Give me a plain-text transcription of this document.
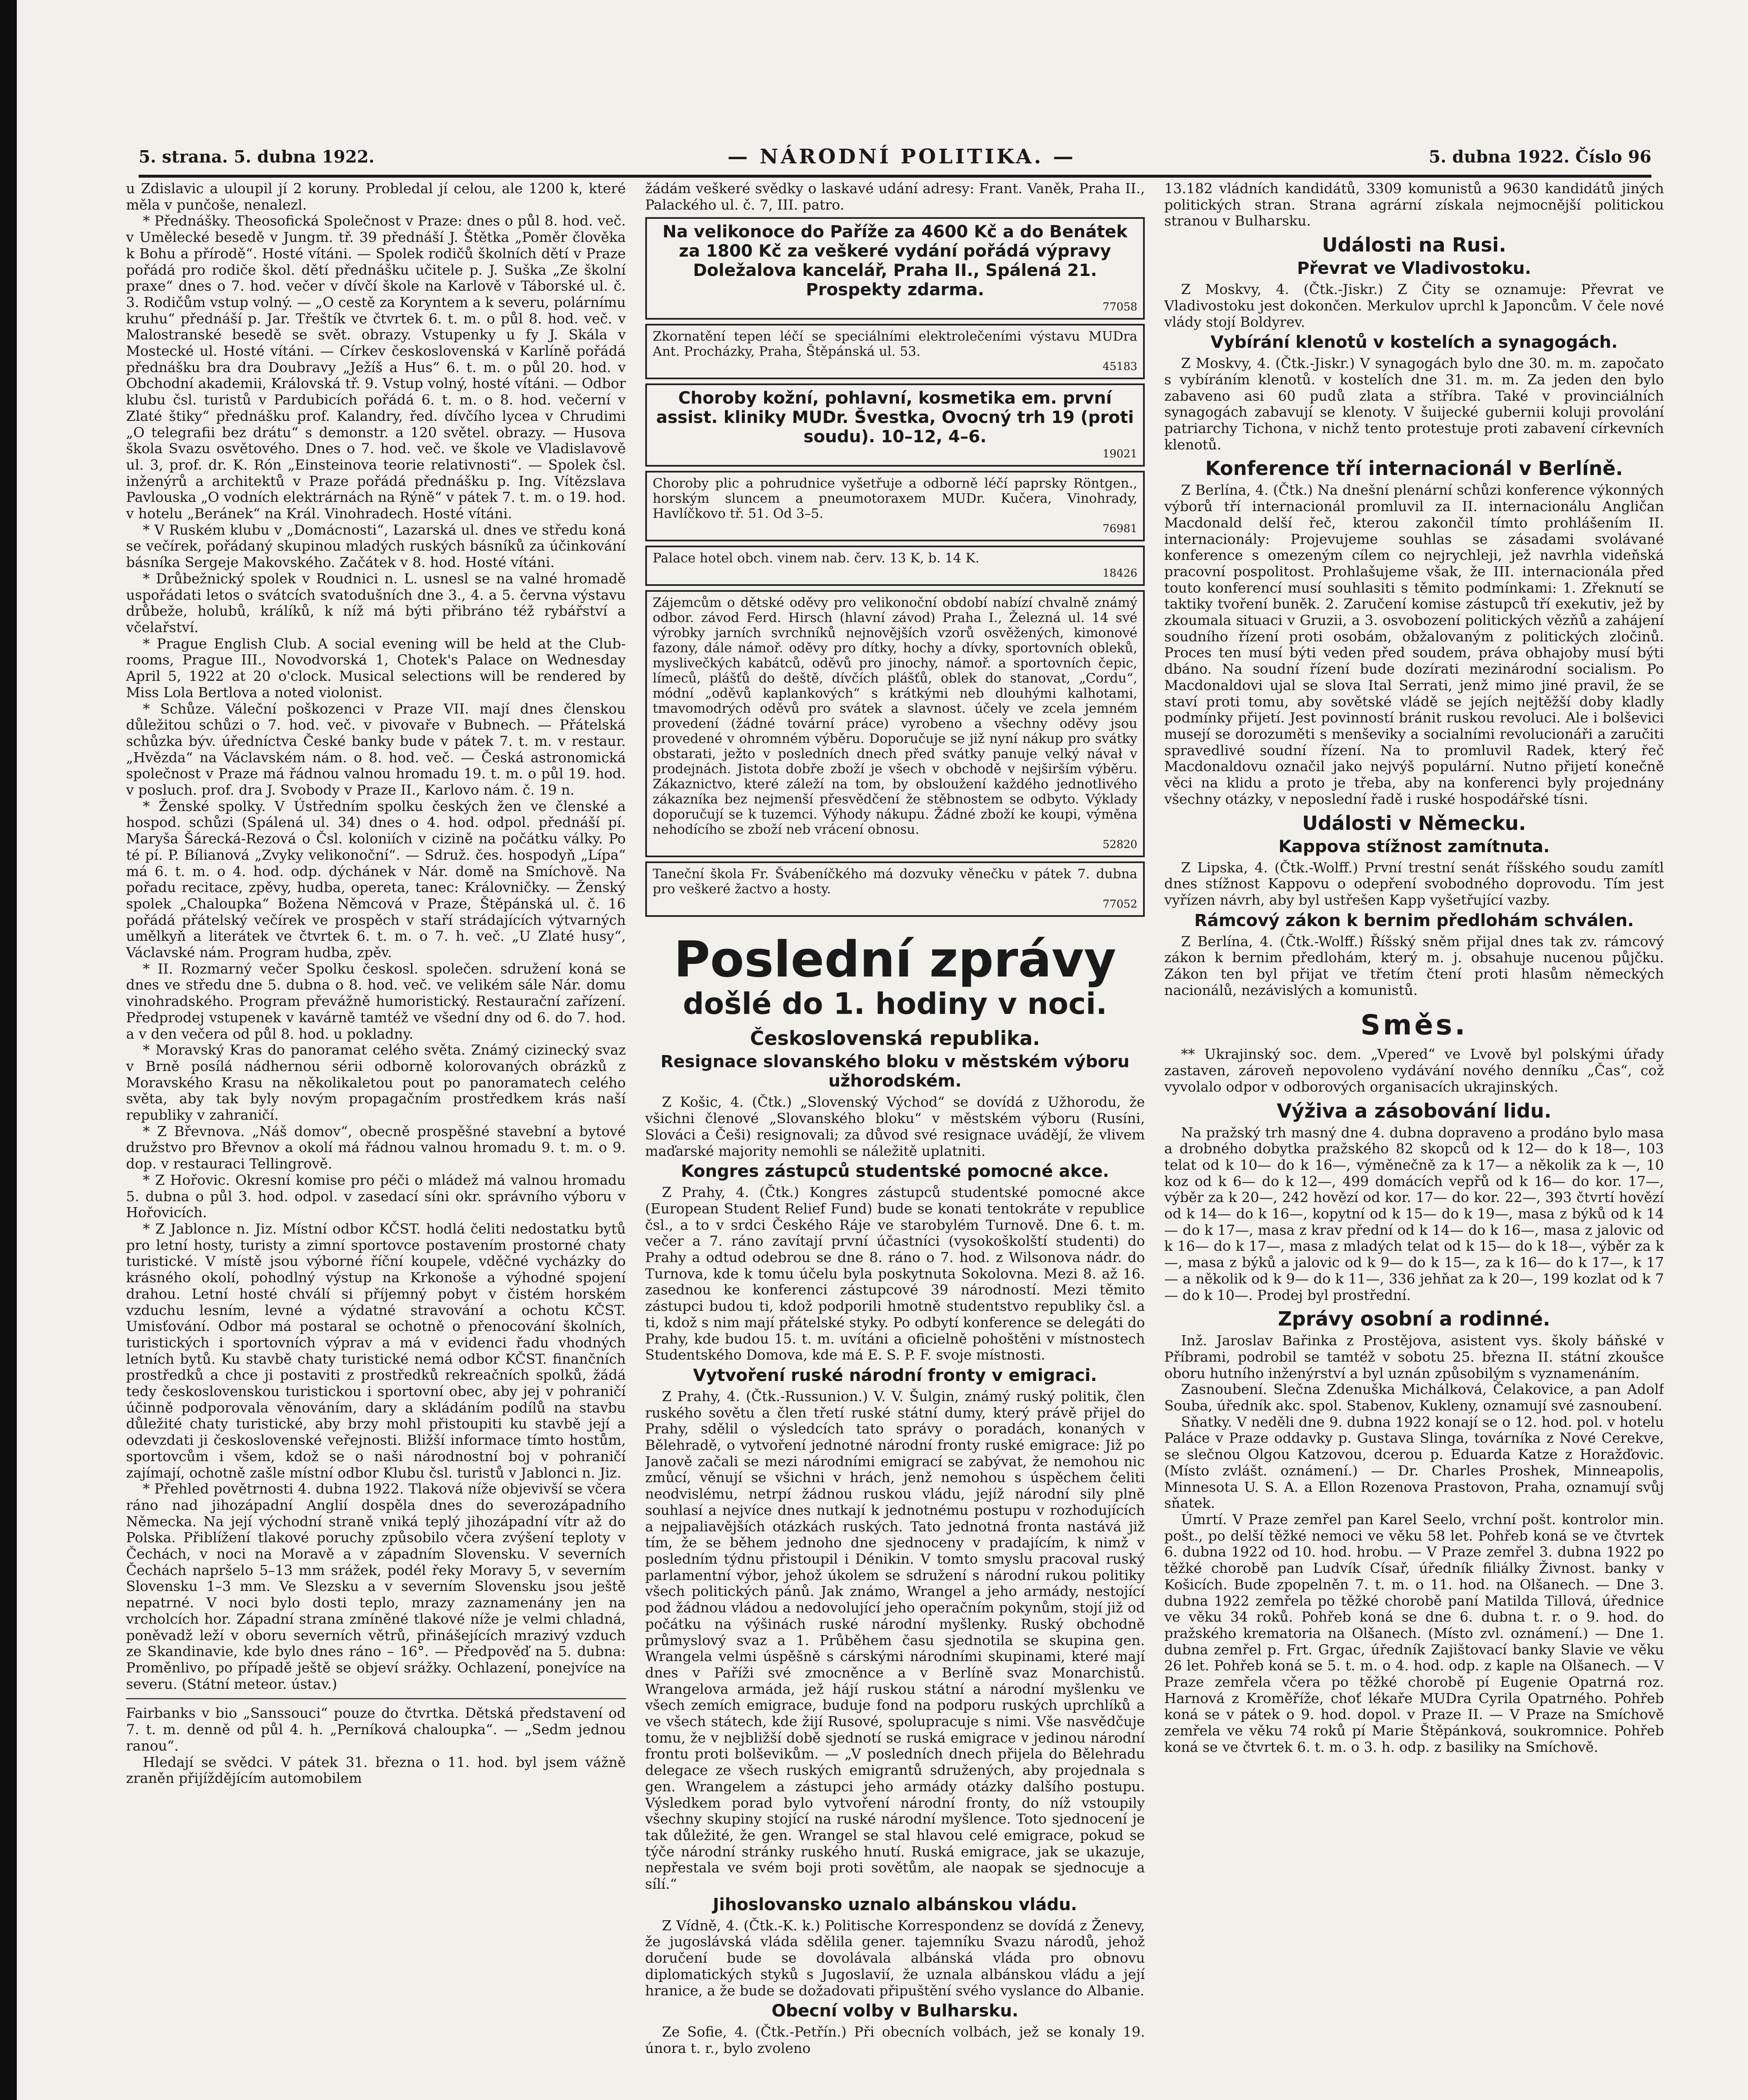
5. strana. 5. dubna 1922.	— NÁRODNÍ POLITIKA. —	5. dubna 1922. Číslo 96

u Zdislavic a uloupil jí 2 koruny. Probledal jí celou, ale 1200 k, které měla v punčoše, nenalezl.

* Přednášky. Theosofická Společnost v Praze: dnes o půl 8. hod. več. v Umělecké besedě v Jungm. tř. 39 přednáší J. Štětka „Poměr člověka k Bohu a přírodě“. Hosté vítáni. — Spolek rodičů školních dětí v Praze pořádá pro rodiče škol. dětí přednášku učitele p. J. Suška „Ze školní praxe“ dnes o 7. hod. večer v dívčí škole na Karlově v Táborské ul. č. 3. Rodičům vstup volný. — „O cestě za Koryntem a k severu, polárnímu kruhu“ přednáší p. Jar. Třeštík ve čtvrtek 6. t. m. o půl 8. hod. več. v Malostranské besedě se svět. obrazy. Vstupenky u fy J. Skála v Mostecké ul. Hosté vítáni. — Církev československá v Karlíně pořádá přednášku bra dra Doubravy „Ježíš a Hus“ 6. t. m. o půl 20. hod. v Obchodní akademii, Královská tř. 9. Vstup volný, hosté vítáni. — Odbor klubu čsl. turistů v Pardubicích pořádá 6. t. m. o 8. hod. večerní v Zlaté štiky“ přednášku prof. Kalandry, řed. dívčího lycea v Chrudimi „O telegrafii bez drátu“ s demonstr. a 120 světel. obrazy. — Husova škola Svazu osvětového. Dnes o 7. hod. več. ve škole ve Vladislavově ul. 3, prof. dr. K. Rón „Einsteinova teorie relativnosti“. — Spolek čsl. inženýrů a architektů v Praze pořádá přednášku p. Ing. Vítězslava Pavlouska „O vodních elektrárnách na Rýně“ v pátek 7. t. m. o 19. hod. v hotelu „Beránek“ na Král. Vinohradech. Hosté vítáni.

* V Ruském klubu v „Domácnosti“, Lazarská ul. dnes ve středu koná se večírek, pořádaný skupinou mladých ruských básníků za účinkování básníka Sergeje Makovského. Začátek v 8. hod. Hosté vítáni.

* Drůbežnický spolek v Roudnici n. L. usnesl se na valné hromadě uspořádati letos o svátcích svatodušních dne 3., 4. a 5. června výstavu drůbeže, holubů, králíků, k níž má býti přibráno též rybářství a včelařství.

* Prague English Club. A social evening will be held at the Club-rooms, Prague III., Novodvorská 1, Chotek's Palace on Wednesday April 5, 1922 at 20 o'clock. Musical selections will be rendered by Miss Lola Bertlova a noted violonist.

* Schůze. Váleční poškozenci v Praze VII. mají dnes členskou důležitou schůzi o 7. hod. več. v pivovaře v Bubnech. — Přátelská schůzka býv. úředníctva České banky bude v pátek 7. t. m. v restaur. „Hvězda“ na Václavském nám. o 8. hod. več. — Česká astronomická společnost v Praze má řádnou valnou hromadu 19. t. m. o půl 19. hod. v posluch. prof. dra J. Svobody v Praze II., Karlovo nám. č. 19 n.

* Ženské spolky. V Ústředním spolku českých žen ve členské a hospod. schůzi (Spálená ul. 34) dnes o 4. hod. odpol. přednáší pí. Maryša Šárecká-Rezová o Čsl. koloniích v cizině na počátku války. Po té pí. P. Bílianová „Zvyky velikonoční“. — Sdruž. čes. hospodyň „Lípa“ má 6. t. m. o 4. hod. odp. dýchánek v Nár. domě na Smíchově. Na pořadu recitace, zpěvy, hudba, opereta, tanec: Královničky. — Ženský spolek „Chaloupka“ Božena Němcová v Praze, Štěpánská ul. č. 16 pořádá přátelský večírek ve prospěch v staří strádajících výtvarných umělkyň a literátek ve čtvrtek 6. t. m. o 7. h. več. „U Zlaté husy“, Václavské nám. Program hudba, zpěv.

* II. Rozmarný večer Spolku českosl. společen. sdružení koná se dnes ve středu dne 5. dubna o 8. hod. več. ve velikém sále Nár. domu vinohradského. Program převážně humoristický. Restaurační zařízení. Předprodej vstupenek v kavárně tamtéž ve všední dny od 6. do 7. hod. a v den večera od půl 8. hod. u pokladny.

* Moravský Kras do panoramat celého světa. Známý cizinecký svaz v Brně posílá nádhernou sérii odborně kolorovaných obrázků z Moravského Krasu na několikaletou pout po panoramatech celého světa, aby tak byly novým propagačním prostředkem krás naší republiky v zahraničí.

* Z Břevnova. „Náš domov“, obecně prospěšné stavební a bytové družstvo pro Břevnov a okolí má řádnou valnou hromadu 9. t. m. o 9. dop. v restauraci Tellingrově.

* Z Hořovic. Okresní komise pro péči o mládež má valnou hromadu 5. dubna o půl 3. hod. odpol. v zasedací síni okr. správního výboru v Hořovicích.

* Z Jablonce n. Jiz. Místní odbor KČST. hodlá čeliti nedostatku bytů pro letní hosty, turisty a zimní sportovce postavením prostorné chaty turistické. V místě jsou výborné říční koupele, vděčné vycházky do krásného okolí, pohodlný výstup na Krkonoše a výhodné spojení drahou. Letní hosté chválí si příjemný pobyt v čistém horském vzduchu lesním, levné a výdatné stravování a ochotu KČST. Umisťování. Odbor má postaral se ochotně o přenocování školních, turistických i sportovních výprav a má v evidenci řadu vhodných letních bytů. Ku stavbě chaty turistické nemá odbor KČST. finančních prostředků a chce ji postaviti z prostředků rekreačních spolků, žádá tedy československou turistickou i sportovní obec, aby jej v pohraničí účinně podporovala věnováním, dary a skládáním podílů na stavbu důležité chaty turistické, aby brzy mohl přistoupiti ku stavbě její a odevzdati ji československé veřejnosti. Bližší informace tímto hostům, sportovcům i všem, kdož se o naši národnostní boj v pohraničí zajímají, ochotně zašle místní odbor Klubu čsl. turistů v Jablonci n. Jiz.

* Přehled povětrnosti 4. dubna 1922. Tlaková níže objevivší se včera ráno nad jihozápadní Anglií dospěla dnes do severozápadního Německa. Na její východní straně vniká teplý jihozápadní vítr až do Polska. Přiblížení tlakové poruchy způsobilo včera zvýšení teploty v Čechách, v noci na Moravě a v západním Slovensku. V severních Čechách napršelo 5–13 mm srážek, podél řeky Moravy 5, v severním Slovensku 1–3 mm. Ve Slezsku a v severním Slovensku jsou ještě nepatrné. V noci bylo dosti teplo, mrazy zaznamenány jen na vrcholcích hor. Západní strana zmíněné tlakové níže je velmi chladná, poněvadž leží v oboru severních větrů, přinášejících mrazivý vzduch ze Skandinavie, kde bylo dnes ráno – 16°. — Předpověď na 5. dubna: Proměnlivo, po případě ještě se objeví srážky. Ochlazení, ponejvíce na severu. (Státní meteor. ústav.)

Fairbanks v bio „Sanssouci“ pouze do čtvrtka. Dětská představení od 7. t. m. denně od půl 4. h. „Perníková chaloupka“. — „Sedm jednou ranou“.

Hledají se svědci. V pátek 31. března o 11. hod. byl jsem vážně zraněn přijíždějícím automobilem

žádám veškeré svědky o laskavé udání adresy: Frant. Vaněk, Praha II., Palackého ul. č. 7, III. patro.

Na velikonoce do Paříže za 4600 Kč a do Benátek za 1800 Kč za veškeré vydání pořádá výpravy Doležalova kancelář, Praha II., Spálená 21. Prospekty zdarma.
77058
Zkornatění tepen léčí se speciálními elektrolečeními výstavu MUDra Ant. Procházky, Praha, Štěpánská ul. 53.
45183
Choroby kožní, pohlavní, kosmetika em. první assist. kliniky MUDr. Švestka, Ovocný trh 19 (proti soudu). 10–12, 4–6.
19021
Choroby plic a pohrudnice vyšetřuje a odborně léčí paprsky Röntgen., horským sluncem a pneumotoraxem MUDr. Kučera, Vinohrady, Havlíčkovo tř. 51. Od 3–5.
76981
Palace hotel obch. vinem nab. červ. 13 K, b. 14 K.
18426
Zájemcům o dětské oděvy pro velikonoční období nabízí chvalně známý odbor. závod Ferd. Hirsch (hlavní závod) Praha I., Železná ul. 14 své výrobky jarních svrchníků nejnovějších vzorů osvěžených, kimonové fazony, dále námoř. oděvy pro dítky, hochy a dívky, sportovních obleků, myslivečkých kabátců, oděvů pro jinochy, námoř. a sportovních čepic, límeců, plášťů do deště, dívčích plášťů, oblek do stanovat, „Cordu“, módní „oděvů kaplankových“ s krátkými neb dlouhými kalhotami, tmavomodrých oděvů pro svátek a slavnost. účely ve zcela jemném provedení (žádné tovární práce) vyrobeno a všechny oděvy jsou provedené v ohromném výběru. Doporučuje se již nyní nákup pro svátky obstarati, ježto v posledních dnech před svátky panuje velký návał v prodejnách. Jistota dobře zboží je všech v obchodě v nejširším výběru. Zákaznictvo, které záleží na tom, by obsloužení každého jednotlivého zákazníka bez nejmenší přesvědčení že stěbnostem se odbyto. Výklady doporučují se k tuzemci. Výhody nákupu. Žádné zboží ke koupi, výměna nehodícího se zboží neb vrácení obnosu.
52820
Taneční škola Fr. Švábeníčkého má dozvuky věnečku v pátek 7. dubna pro veškeré žactvo a hosty.
77052
Poslední zprávy
došlé do 1. hodiny v noci.
Československá republika.
Resignace slovanského bloku v městském výboru užhorodském.

Z Košic, 4. (Čtk.) „Slovenský Východ“ se dovídá z Užhorodu, že všichni členové „Slovanského bloku“ v městském výboru (Rusíni, Slováci a Češi) resignovali; za důvod své resignace uvádějí, že vlivem maďarské majority nemohli se náležitě uplatniti.

Kongres zástupců studentské pomocné akce.

Z Prahy, 4. (Čtk.) Kongres zástupců studentské pomocné akce (European Student Relief Fund) bude se konati tentokráte v republice čsl., a to v srdci Českého Ráje ve starobylém Turnově. Dne 6. t. m. večer a 7. ráno zavítají první účastníci (vysokoškolští studenti) do Prahy a odtud odebrou se dne 8. ráno o 7. hod. z Wilsonova nádr. do Turnova, kde k tomu účelu byla poskytnuta Sokolovna. Mezi 8. až 16. zasednou ke konferenci zástupcové 39 národností. Mezi těmito zástupci budou ti, kdož podporili hmotně studentstvo republiky čsl. a ti, kdož s nim mají přátelské styky. Po odbytí konference se delegáti do Prahy, kde budou 15. t. m. uvítáni a oficielně pohoštěni v místnostech Studentského Domova, kde má E. S. P. F. svoje místnosti.

Vytvoření ruské národní fronty v emigraci.

Z Prahy, 4. (Čtk.-Russunion.) V. V. Šulgin, známý ruský politik, člen ruského sovětu a člen třetí ruské státní dumy, který právě přijel do Prahy, sdělil o výsledcích tato správy o poradách, konaných v Bělehradě, o vytvoření jednotné národní fronty ruské emigrace: Již po Janově začali se mezi národními emigrací se zabývat, že nemohou nic zmůcí, věnují se všichni v hrách, jenž nemohou s úspěchem čeliti neodvislému, netrpí žádnou ruskou vládu, jejíž národní sily plně souhlasí a nejvíce dnes nutkají k jednotnému postupu v rozhodujících a nejpaliavějších otázkách ruských. Tato jednotná fronta nastává již tím, že se během jednoho dne sjednoceny v pradajícím, k nimž v posledním týdnu přistoupil i Dénikin. V tomto smyslu pracoval ruský parlamentní výbor, jehož úkolem se sdružení s národní rukou politiky všech politických pánů. Jak známo, Wrangel a jeho armády, nestojící pod žádnou vládou a nedovolující jeho operačním pokynům, stojí již od počátku na výšinách ruské národní myšlenky. Ruský obchodně průmyslový svaz a 1. Průběhem času sjednotila se skupina gen. Wrangela velmi úspěšně s cárskými národními skupinami, které mají dnes v Paříži své zmocněnce a v Berlíně svaz Monarchistů. Wrangelova armáda, jež hájí ruskou státní a národní myšlenku ve všech zemích emigrace, buduje fond na podporu ruských uprchlíků a ve všech státech, kde žijí Rusové, spolupracuje s nimi. Vše nasvědčuje tomu, že v nejbližší době sjednotí se ruská emigrace v jedinou národní frontu proti bolševikům. — „V posledních dnech přijela do Bělehradu delegace ze všech ruských emigrantů sdružených, aby projednala s gen. Wrangelem a zástupci jeho armády otázky dalšího postupu. Výsledkem porad bylo vytvoření národní fronty, do níž vstoupily všechny skupiny stojící na ruské národní myšlence. Toto sjednocení je tak důležité, že gen. Wrangel se stal hlavou celé emigrace, pokud se týče národní stránky ruského hnutí. Ruská emigrace, jak se ukazuje, nepřestala ve svém boji proti sovětům, ale naopak se sjednocuje a sílí.“

Jihoslovansko uznalo albánskou vládu.

Z Vídně, 4. (Čtk.-K. k.) Politische Korrespondenz se dovídá z Ženevy, že jugoslávská vláda sdělila gener. tajemníku Svazu národů, jehož doručení bude se dovolávala albánská vláda pro obnovu diplomatických styků s Jugoslavií, že uznala albánskou vládu a její hranice, a že bude se dožadovati připuštění svého vyslance do Albanie.

Obecní volby v Bulharsku.

Ze Sofie, 4. (Čtk.-Petřín.) Při obecních volbách, jež se konaly 19. února t. r., bylo zvoleno

13.182 vládních kandidátů, 3309 komunistů a 9630 kandidátů jiných politických stran. Strana agrární získala nejmocnější politickou stranou v Bulharsku.

Události na Rusi.
Převrat ve Vladivostoku.

Z Moskvy, 4. (Čtk.-Jiskr.) Z Čity se oznamuje: Převrat ve Vladivostoku jest dokončen. Merkulov uprchl k Japoncům. V čele nové vlády stojí Boldyrev.

Vybírání klenotů v kostelích a synagogách.

Z Moskvy, 4. (Čtk.-Jiskr.) V synagogách bylo dne 30. m. m. započato s vybíráním klenotů. v kostelích dne 31. m. m. Za jeden den bylo zabaveno asi 60 pudů zlata a stříbra. Také v provinciálních synagogách zabavují se klenoty. V šuijecké gubernii koluji provolání patriarchy Tichona, v nichž tento protestuje proti zabavení církevních klenotů.

Konference tří internacionál v Berlíně.

Z Berlína, 4. (Čtk.) Na dnešní plenární schůzi konference výkonných výborů tří internacionál promluvil za II. internacionálu Angličan Macdonald delší řeč, kterou zakončil tímto prohlášením II. internacionály: Projevujeme souhlas se zásadami svolávané konference s omezeným cílem co nejrychleji, jež navrhla videňská pracovní pospolitost. Prohlašujeme však, že III. internacionála před touto konferencí musí souhlasiti s těmito podmínkami: 1. Zřeknutí se taktiky tvoření buněk. 2. Zaručení komise zástupců tří exekutiv, jež by zkoumala situaci v Gruzii, a 3. osvobození politických vězňů a zahájení soudního řízení proti osobám, obžalovaným z politických zločinů. Proces ten musí býti veden před soudem, práva obhajoby musí býti dbáno. Na soudní řízení bude dozírati mezinárodní socialism. Po Macdonaldovi ujal se slova Ital Serrati, jenž mimo jiné pravil, že se staví proti tomu, aby sovětské vládě se jejích nejtěžší doby kladly podmínky přijetí. Jest povinností bránit ruskou revoluci. Ale i bolševici musejí se dorozuměti s menševiky a socialními revolucionáři a zaručiti spravedlivé soudní řízení. Na to promluvil Radek, který řeč Macdonaldovu označil jako nejvýš populární. Nutno přijetí konečně věci na klidu a proto je třeba, aby na konferenci byly projednány všechny otázky, v neposlední řadě i ruské hospodářské tísni.

Události v Německu.
Kappova stížnost zamítnuta.

Z Lipska, 4. (Čtk.-Wolff.) První trestní senát říšského soudu zamítl dnes stížnost Kappovu o odepření svobodného doprovodu. Tím jest vyřízen návrh, aby byl ustřešen Kapp vyšetřující vazby.

Rámcový zákon k bernim předlohám schválen.

Z Berlína, 4. (Čtk.-Wolff.) Říšský sněm přijal dnes tak zv. rámcový zákon k bernim předlohám, který m. j. obsahuje nucenou půjčku. Zákon ten byl přijat ve třetím čtení proti hlasům německých nacionálů, nezávislých a komunistů.

Směs.

** Ukrajinský soc. dem. „Vpered“ ve Lvově byl polskými úřady zastaven, zároveň nepovoleno vydávání nového denníku „Čas“, což vyvolalo odpor v odborových organisacích ukrajinských.

Výživa a zásobování lidu.

Na pražský trh masný dne 4. dubna dopraveno a prodáno bylo masa a drobného dobytka pražského 82 skopců od k 12— do k 18—, 103 telat od k 10— do k 16—, výměnečně za k 17— a několik za k —, 10 koz od k 6— do k 12—, 499 domácích vepřů od k 16— do kor. 17—, výběr za k 20—, 242 hovězí od kor. 17— do kor. 22—, 393 čtvrtí hovězí od k 14— do k 16—, kopytní od k 15— do k 19—, masa z býků od k 14— do k 17—, masa z krav přední od k 14— do k 16—, masa z jalovic od k 16— do k 17—, masa z mladých telat od k 15— do k 18—, výběr za k —, masa z býků a jalovic od k 9— do k 15—, za k 16— do k 17—, k 17— a několik od k 9— do k 11—, 336 jehňat za k 20—, 199 kozlat od k 7— do k 10—. Prodej byl prostřední.

Zprávy osobní a rodinné.

Inž. Jaroslav Bařinka z Prostějova, asistent vys. školy báňské v Příbrami, podrobil se tamtéž v sobotu 25. března II. státní zkoušce oboru hutního inženýrství a byl uznán způsobilým s vyznamenáním.

Zasnoubení. Slečna Zdenuška Michálková, Čelakovice, a pan Adolf Souba, úředník akc. spol. Stabenov, Kukleny, oznamují své zasnoubení.

Sňatky. V neděli dne 9. dubna 1922 konají se o 12. hod. pol. v hotelu Paláce v Praze oddavky p. Gustava Slinga, továrníka z Nové Cerekve, se slečnou Olgou Katzovou, dcerou p. Eduarda Katze z Horažďovic. (Místo zvlášt. oznámení.) — Dr. Charles Proshek, Minneapolis, Minnesota U. S. A. a Ellon Rozenova Prastovon, Praha, oznamují svůj sňatek.

Úmrtí. V Praze zemřel pan Karel Seelo, vrchní pošt. kontrolor min. pošt., po delší těžké nemoci ve věku 58 let. Pohřeb koná se ve čtvrtek 6. dubna 1922 od 10. hod. hrobu. — V Praze zemřel 3. dubna 1922 po těžké chorobě pan Ludvík Císař, úředník filiálky Živnost. banky v Košicích. Bude zpopelněn 7. t. m. o 11. hod. na Olšanech. — Dne 3. dubna 1922 zemřela po těžké chorobě paní Matilda Tillová, úřednice ve věku 34 roků. Pohřeb koná se dne 6. dubna t. r. o 9. hod. do pražského krematoria na Olšanech. (Místo zvl. oznámení.) — Dne 1. dubna zemřel p. Frt. Grgac, úředník Zajištovací banky Slavie ve věku 26 let. Pohřeb koná se 5. t. m. o 4. hod. odp. z kaple na Olšanech. — V Praze zemřela včera po těžké chorobě pí Eugenie Opatrná roz. Harnová z Kroměříže, choť lékaře MUDra Cyrila Opatrného. Pohřeb koná se v pátek o 9. hod. dopol. v Praze II. — V Praze na Smíchově zemřela ve věku 74 roků pí Marie Štěpánková, soukromnice. Pohřeb koná se ve čtvrtek 6. t. m. o 3. h. odp. z basiliky na Smíchově.
